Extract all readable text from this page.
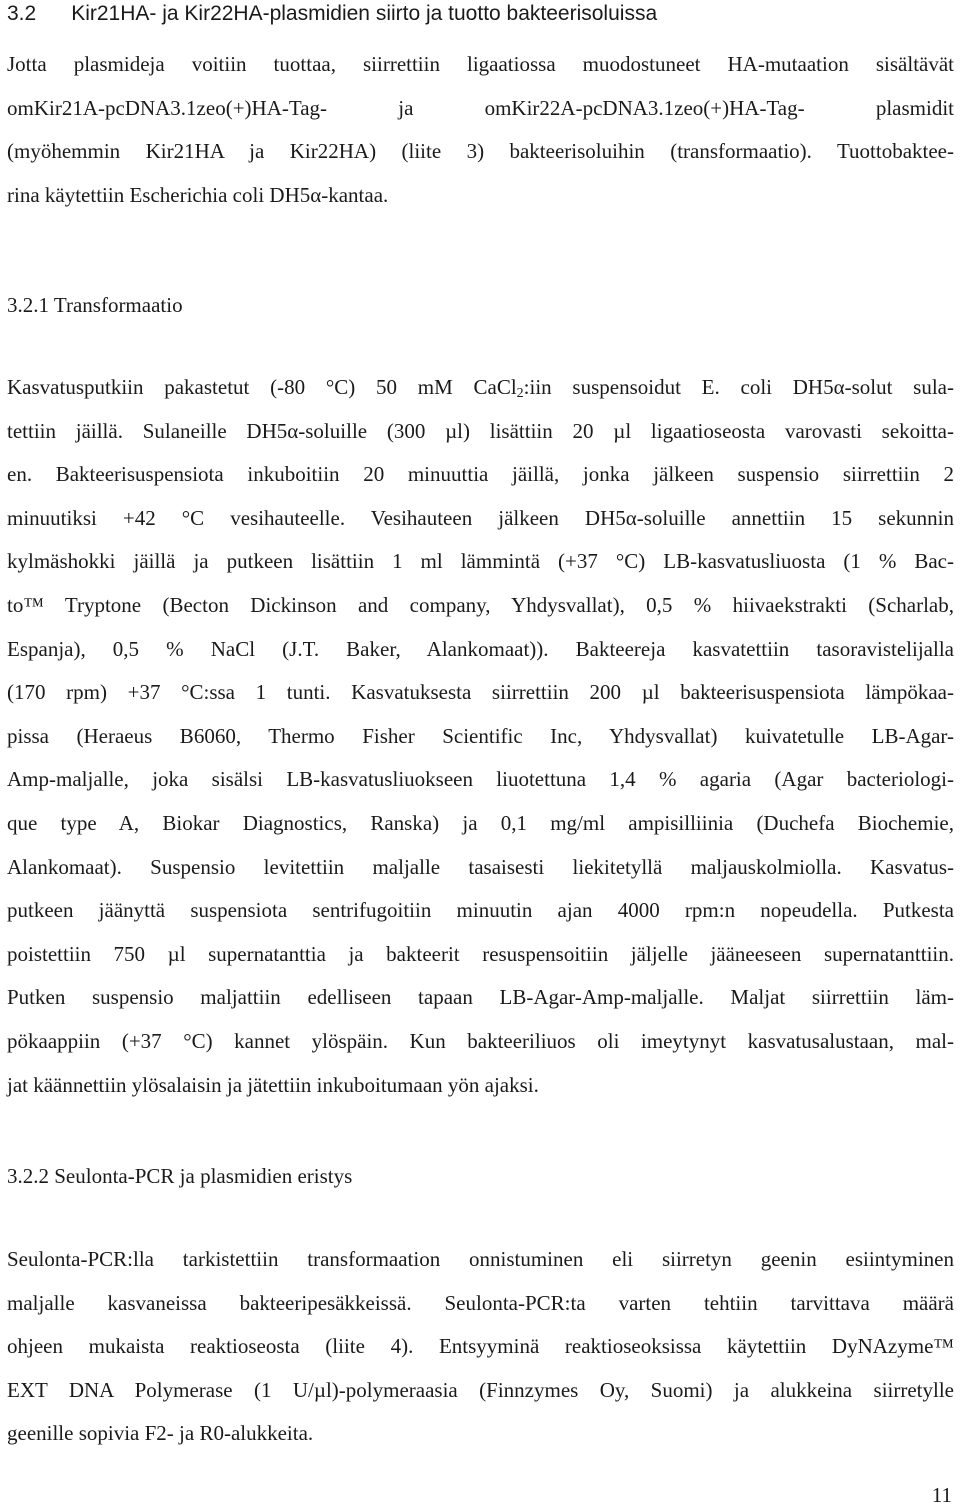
3.2      Kir21HA- ja Kir22HA-plasmidien siirto ja tuotto bakteerisoluissa
Jotta plasmideja voitiin tuottaa, siirrettiin ligaatiossa muodostuneet HA-mutaation sisältävät
omKir21A-pcDNA3.1zeo(+)HA-Tag- ja omKir22A-pcDNA3.1zeo(+)HA-Tag- plasmidit
(myöhemmin Kir21HA ja Kir22HA) (liite 3) bakteerisoluihin (transformaatio). Tuottobaktee-
rina käytettiin Escherichia coli DH5α-kantaa.
3.2.1 Transformaatio
Kasvatusputkiin pakastetut (-80 °C) 50 mM CaCl$_2$:iin suspensoidut E. coli DH5α-solut sula-
tettiin jäillä. Sulaneille DH5α-soluille (300 µl) lisättiin 20 µl ligaatioseosta varovasti sekoitta-
en. Bakteerisuspensiota inkuboitiin 20 minuuttia jäillä, jonka jälkeen suspensio siirrettiin 2
minuutiksi +42 °C vesihauteelle. Vesihauteen jälkeen DH5α-soluille annettiin 15 sekunnin
kylmäshokki jäillä ja putkeen lisättiin 1 ml lämmintä (+37 °C) LB-kasvatusliuosta (1 % Bac-
to™ Tryptone (Becton Dickinson and company, Yhdysvallat), 0,5 % hiivaekstrakti (Scharlab,
Espanja), 0,5 % NaCl (J.T. Baker, Alankomaat)). Bakteereja kasvatettiin tasoravistelijalla
(170 rpm) +37 °C:ssa 1 tunti. Kasvatuksesta siirrettiin 200 µl bakteerisuspensiota lämpökaa-
pissa (Heraeus B6060, Thermo Fisher Scientific Inc, Yhdysvallat) kuivatetulle LB-Agar-
Amp-maljalle, joka sisälsi LB-kasvatusliuokseen liuotettuna 1,4 % agaria (Agar bacteriologi-
que type A, Biokar Diagnostics, Ranska) ja 0,1 mg/ml ampisilliinia (Duchefa Biochemie,
Alankomaat). Suspensio levitettiin maljalle tasaisesti liekitetyllä maljauskolmiolla. Kasvatus-
putkeen jäänyttä suspensiota sentrifugoitiin minuutin ajan 4000 rpm:n nopeudella. Putkesta
poistettiin 750 µl supernatanttia ja bakteerit resuspensoitiin jäljelle jääneeseen supernatanttiin.
Putken suspensio maljattiin edelliseen tapaan LB-Agar-Amp-maljalle. Maljat siirrettiin läm-
pökaappiin (+37 °C) kannet ylöspäin. Kun bakteeriliuos oli imeytynyt kasvatusalustaan, mal-
jat käännettiin ylösalaisin ja jätettiin inkuboitumaan yön ajaksi.
3.2.2 Seulonta-PCR ja plasmidien eristys
Seulonta-PCR:lla tarkistettiin transformaation onnistuminen eli siirretyn geenin esiintyminen
maljalle kasvaneissa bakteeripesäkkeissä. Seulonta-PCR:ta varten tehtiin tarvittava määrä
ohjeen mukaista reaktioseosta (liite 4). Entsyyminä reaktioseoksissa käytettiin DyNAzyme™
EXT DNA Polymerase (1 U/µl)-polymeraasia (Finnzymes Oy, Suomi) ja alukkeina siirretylle
geenille sopivia F2- ja R0-alukkeita.
11
